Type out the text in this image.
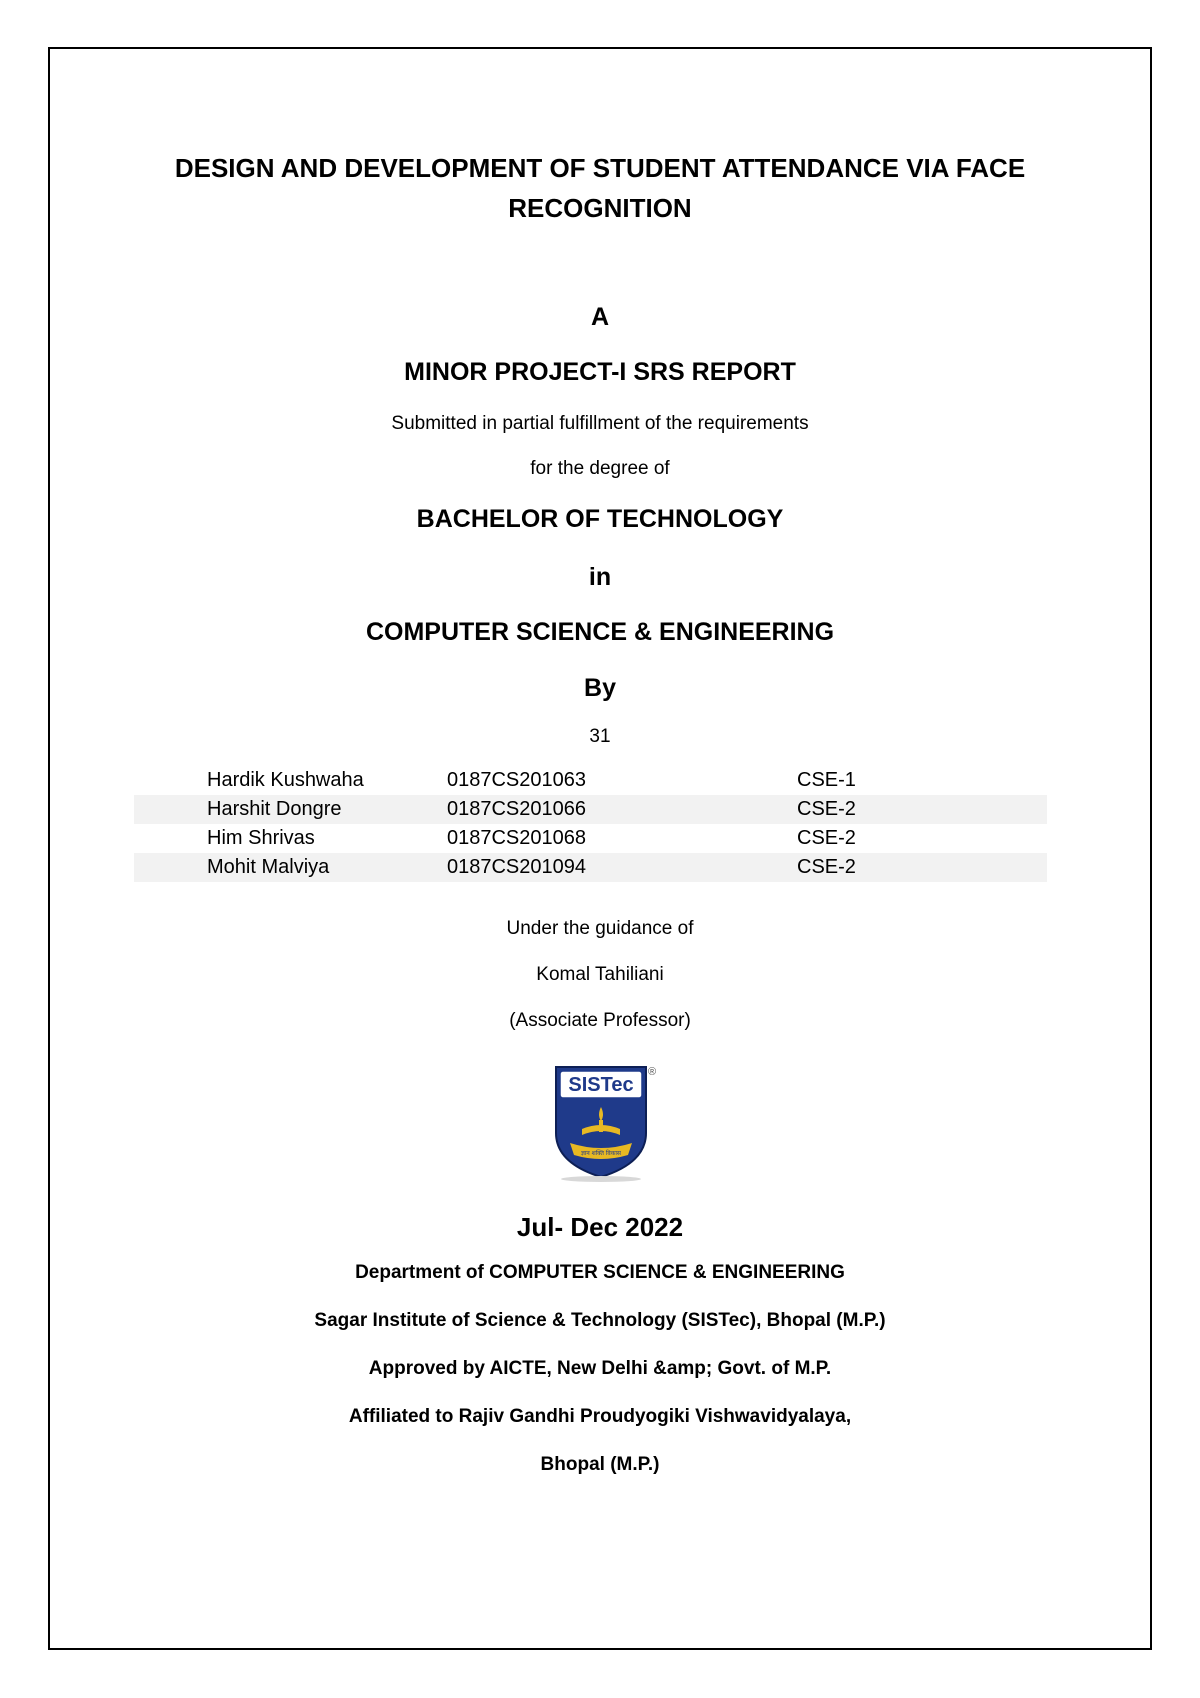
DESIGN AND DEVELOPMENT OF STUDENT ATTENDANCE VIA FACE RECOGNITION

A

MINOR PROJECT-I SRS REPORT

Submitted in partial fulfillment of the requirements

for the degree of

BACHELOR OF TECHNOLOGY

in

COMPUTER SCIENCE & ENGINEERING

By

31

Hardik Kushwaha	0187CS201063	CSE-1
Harshit Dongre	0187CS201066	CSE-2
Him Shrivas	0187CS201068	CSE-2
Mohit Malviya	0187CS201094	CSE-2

Under the guidance of

Komal Tahiliani

(Associate Professor)

SISTec
®
ज्ञान शक्ति विकास

Jul- Dec 2022

Department of COMPUTER SCIENCE & ENGINEERING

Sagar Institute of Science & Technology (SISTec), Bhopal (M.P.)

Approved by AICTE, New Delhi &amp; Govt. of M.P.

Affiliated to Rajiv Gandhi Proudyogiki Vishwavidyalaya,

Bhopal (M.P.)
